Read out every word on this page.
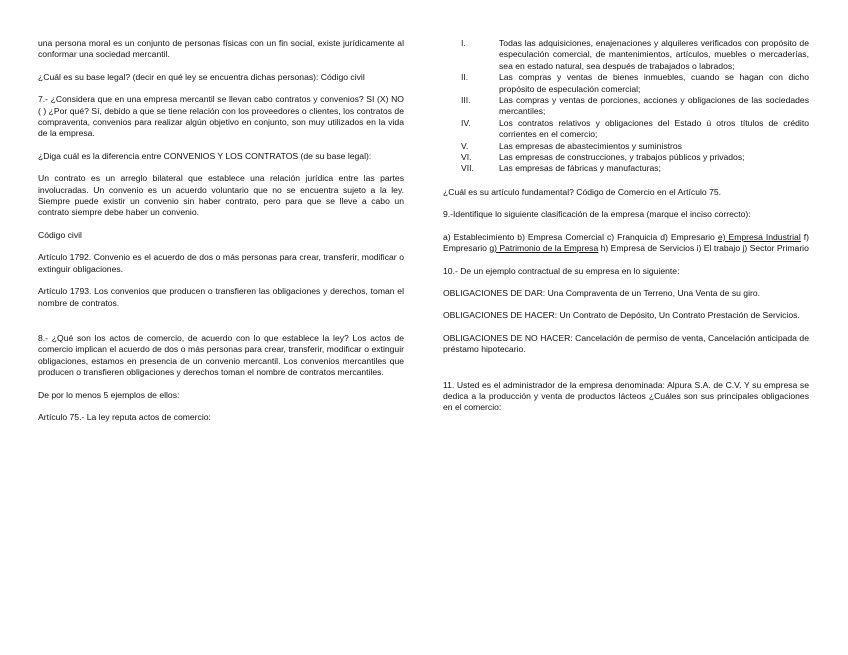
una persona moral es un conjunto de personas físicas con un fin social, existe jurídicamente al conformar una sociedad mercantil.

¿Cuál es su base legal? (decir en qué ley se encuentra dichas personas): Código civil

7.- ¿Considera que en una empresa mercantil se llevan cabo contratos y convenios? SI (X) NO ( ) ¿Por qué? Sí, debido a que se tiene relación con los proveedores o clientes, los contratos de compraventa, convenios para realizar algún objetivo en conjunto, son muy utilizados en la vida de la empresa.

¿Diga cuál es la diferencia entre CONVENIOS Y LOS CONTRATOS (de su base legal):

Un contrato es un arreglo bilateral que establece una relación jurídica entre las partes involucradas. Un convenio es un acuerdo voluntario que no se encuentra sujeto a la ley. Siempre puede existir un convenio sin haber contrato, pero para que se lleve a cabo un contrato siempre debe haber un convenio.

Código civil

Artículo 1792. Convenio es el acuerdo de dos o más personas para crear, transferir, modificar o extinguir obligaciones.

Artículo 1793. Los convenios que producen o transfieren las obligaciones y derechos, toman el nombre de contratos.

8.- ¿Qué son los actos de comercio, de acuerdo con lo que establece la ley? Los actos de comercio implican el acuerdo de dos o más personas para crear, transferir, modificar o extinguir obligaciones, estamos en presencia de un convenio mercantil. Los convenios mercantiles que producen o transfieren obligaciones y derechos toman el nombre de contratos mercantiles.

De por lo menos 5 ejemplos de ellos:

Artículo 75.- La ley reputa actos de comercio:

I.	Todas las adquisiciones, enajenaciones y alquileres verificados con propósito de especulación comercial, de mantenimientos, artículos, muebles o mercaderías, sea en estado natural, sea después de trabajados o labrados;
II.	Las compras y ventas de bienes inmuebles, cuando se hagan con dicho propósito de especulación comercial;
III.	Las compras y ventas de porciones, acciones y obligaciones de las sociedades mercantiles;
IV.	Los contratos relativos y obligaciones del Estado ú otros títulos de crédito corrientes en el comercio;
V.	Las empresas de abastecimientos y suministros
VI.	Las empresas de construcciones, y trabajos públicos y privados;
VII.	Las empresas de fábricas y manufacturas;

¿Cuál es su artículo fundamental? Código de Comercio en el Artículo 75.

9.-Identifique lo siguiente clasificación de la empresa (marque el inciso correcto):

a) Establecimiento b) Empresa Comercial c) Franquicia d) Empresario e) Empresa Industrial f) Empresario g) Patrimonio de la Empresa h) Empresa de Servicios i) El trabajo j) Sector Primario

10.- De un ejemplo contractual de su empresa en lo siguiente:

OBLIGACIONES DE DAR: Una Compraventa de un Terreno, Una Venta de su giro.

OBLIGACIONES DE HACER: Un Contrato de Depósito, Un Contrato Prestación de Servicios.

OBLIGACIONES DE NO HACER: Cancelación de permiso de venta, Cancelación anticipada de préstamo hipotecario.

11. Usted es el administrador de la empresa denominada: Alpura S.A. de C.V. Y su empresa se dedica a la producción y venta de productos lácteos ¿Cuáles son sus principales obligaciones en el comercio:
